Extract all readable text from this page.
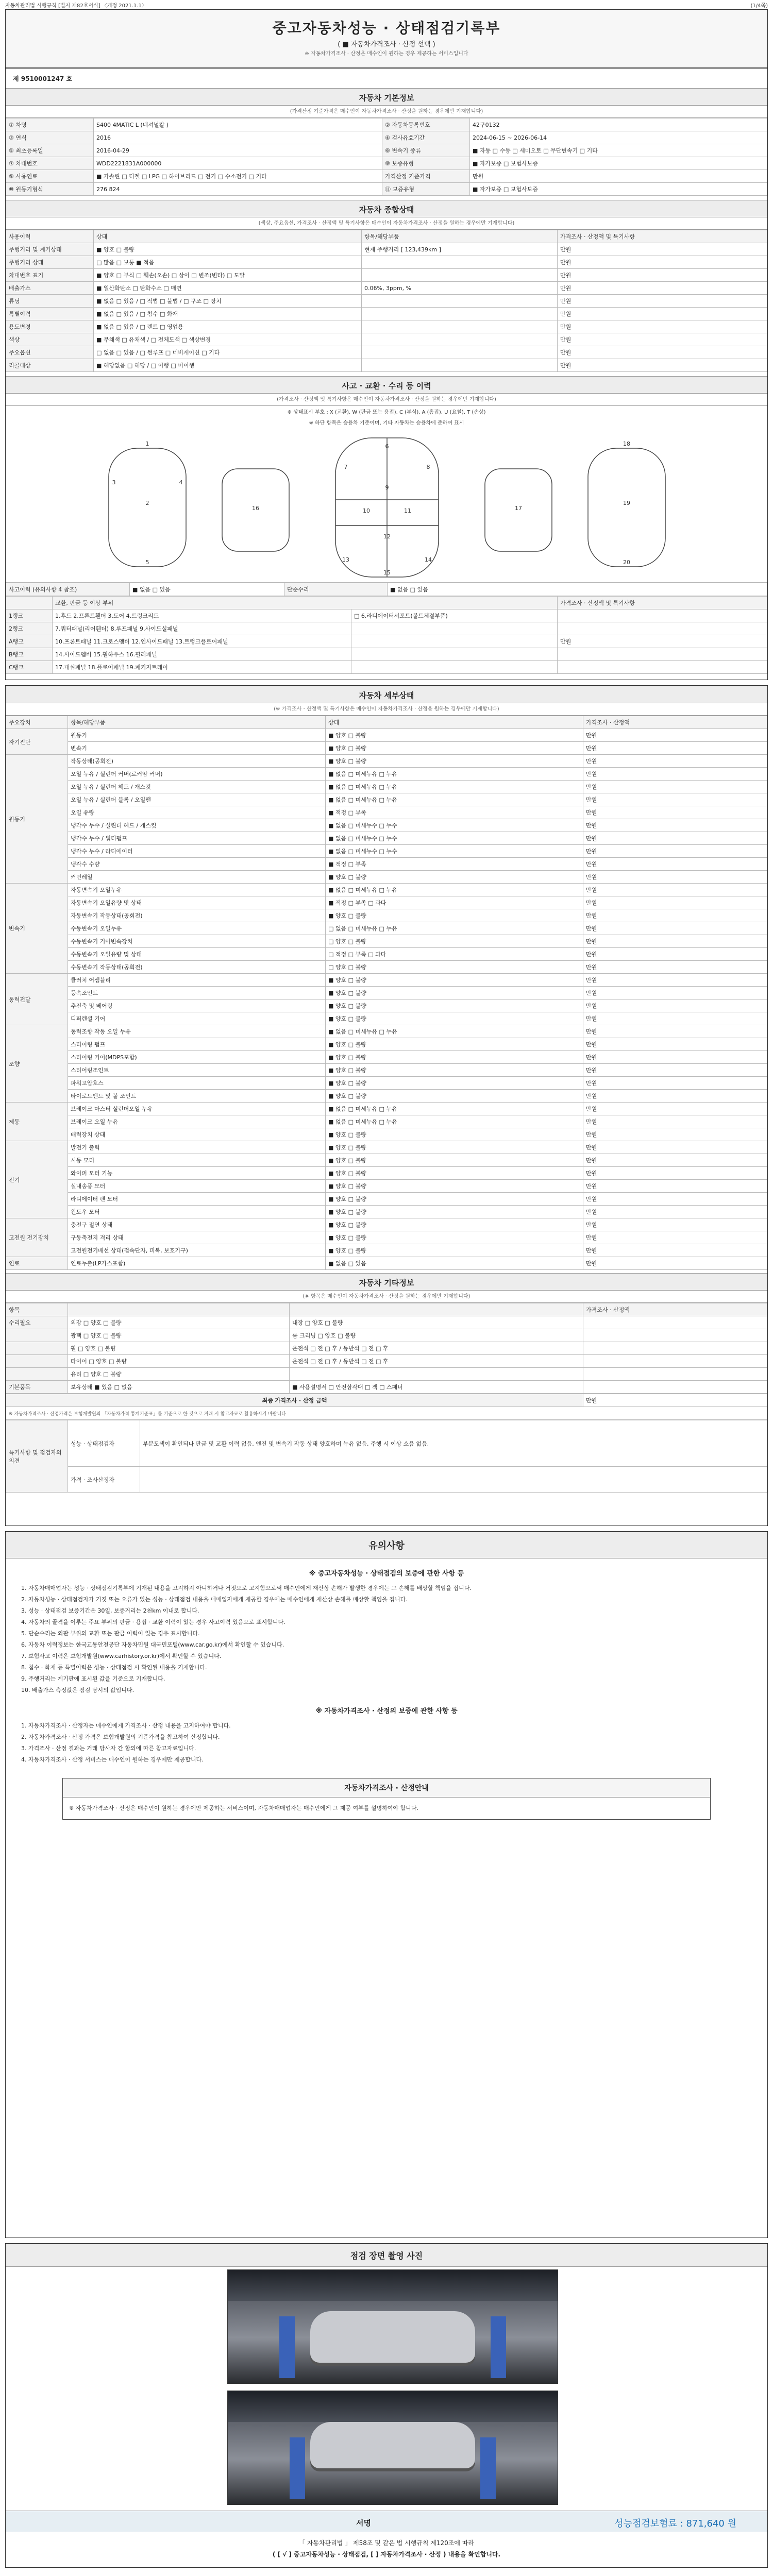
자동차관리법 시행규칙 [별지 제82호서식] 〈개정 2021.1.1〉	(1/4쪽)
중고자동차성능 · 상태점검기록부
( ■ 자동차가격조사 · 산정 선택 )
※ 자동차가격조사 · 산정은 매수인이 원하는 경우 제공하는 서비스입니다
제 9510001247 호
자동차 기본정보
(가격산정 기준가격은 매수인이 자동차가격조사 · 산정을 원하는 경우에만 기재합니다)
① 차명	S400 4MATIC L (네셔널칼 )	② 자동차등록번호	42구0132
③ 연식	2016	④ 검사유효기간	2024-06-15 ~ 2026-06-14
⑤ 최초등록일	2016-04-29	⑥ 변속기 종류	■ 자동 □ 수동 □ 세미오토 □ 무단변속기 □ 기타
⑦ 차대번호	WDD2221831A000000	⑧ 보증유형	■ 자가보증 □ 보험사보증
⑨ 사용연료	■ 가솔린 □ 디젤 □ LPG □ 하이브리드 □ 전기 □ 수소전기 □ 기타	가격산정 기준가격	만원
⑩ 원동기형식	276 824	⑪ 보증유형	■ 자가보증 □ 보험사보증
자동차 종합상태
(색상, 주요옵션, 가격조사 · 산정액 및 특기사항은 매수인이 자동차가격조사 · 산정을 원하는 경우에만 기재합니다)
사용이력	상태	항목/해당부품	가격조사 · 산정액 및 특기사항
주행거리 및 계기상태	■ 양호 □ 불량	현재 주행거리 [ 123,439km ]	만원
주행거리 상태	□ 많음 □ 보통 ■ 적음		만원
차대번호 표기	■ 양호 □ 부식 □ 훼손(오손) □ 상이 □ 변조(변타) □ 도말		만원
배출가스	■ 일산화탄소 □ 탄화수소 □ 매연	0.06%, 3ppm, %	만원
튜닝	■ 없음 □ 있음 / □ 적법 □ 불법 / □ 구조 □ 장치		만원
특별이력	■ 없음 □ 있음 / □ 침수 □ 화재		만원
용도변경	■ 없음 □ 있음 / □ 렌트 □ 영업용		만원
색상	■ 무채색 □ 유채색 / □ 전체도색 □ 색상변경		만원
주요옵션	□ 없음 □ 있음 / □ 썬루프 □ 네비게이션 □ 기타		만원
리콜대상	■ 해당없음 □ 해당 / □ 이행 □ 미이행		만원
사고 · 교환 · 수리 등 이력
(가격조사 · 산정액 및 특기사항은 매수인이 자동차가격조사 · 산정을 원하는 경우에만 기재합니다)
※ 상태표시 부호 : X (교환), W (판금 또는 용접), C (부식), A (흠집), U (요철), T (손상)
※ 하단 항목은 승용차 기준이며, 기타 자동차는 승용차에 준하여 표시
1
2
3	4
5
6
7	8
9
10	11
12
13	14
15
16	17
18
19
20
사고이력 (유의사항 4 참조)	■ 없음 □ 있음	단순수리	■ 없음 □ 있음
	교환, 판금 등 이상 부위		가격조사 · 산정액 및 특기사항
1랭크	1.후드 2.프론트휀더 3.도어 4.트렁크리드	□ 6.라디에이터서포트(볼트체결부품)	
2랭크	7.쿼터패널(리어휀더) 8.루프패널 9.사이드실패널		
A랭크	10.프론트패널 11.크로스멤버 12.인사이드패널 13.트렁크플로어패널		만원
B랭크	14.사이드멤버 15.휠하우스 16.필러패널		
C랭크	17.대쉬패널 18.플로어패널 19.패키지트레이		
자동차 세부상태
(※ 가격조사 · 산정액 및 특기사항은 매수인이 자동차가격조사 · 산정을 원하는 경우에만 기재합니다)
주요장치	항목/해당부품	상태	가격조사 · 산정액
자기진단	원동기	■ 양호 □ 불량	만원
	변속기	■ 양호 □ 불량	만원
원동기	작동상태(공회전)	■ 양호 □ 불량	만원
	오일 누유 / 실린더 커버(로커암 커버)	■ 없음 □ 미세누유 □ 누유	만원
	오일 누유 / 실린더 헤드 / 개스킷	■ 없음 □ 미세누유 □ 누유	만원
	오일 누유 / 실린더 블록 / 오일팬	■ 없음 □ 미세누유 □ 누유	만원
	오일 유량	■ 적정 □ 부족	만원
	냉각수 누수 / 실린더 헤드 / 개스킷	■ 없음 □ 미세누수 □ 누수	만원
	냉각수 누수 / 워터펌프	■ 없음 □ 미세누수 □ 누수	만원
	냉각수 누수 / 라디에이터	■ 없음 □ 미세누수 □ 누수	만원
	냉각수 수량	■ 적정 □ 부족	만원
	커먼레일	■ 양호 □ 불량	만원
변속기	자동변속기 오일누유	■ 없음 □ 미세누유 □ 누유	만원
	자동변속기 오일유량 및 상태	■ 적정 □ 부족 □ 과다	만원
	자동변속기 작동상태(공회전)	■ 양호 □ 불량	만원
	수동변속기 오일누유	□ 없음 □ 미세누유 □ 누유	만원
	수동변속기 기어변속장치	□ 양호 □ 불량	만원
	수동변속기 오일유량 및 상태	□ 적정 □ 부족 □ 과다	만원
	수동변속기 작동상태(공회전)	□ 양호 □ 불량	만원
동력전달	클러치 어셈블리	■ 양호 □ 불량	만원
	등속조인트	■ 양호 □ 불량	만원
	추진축 및 베어링	■ 양호 □ 불량	만원
	디퍼렌셜 기어	■ 양호 □ 불량	만원
조향	동력조향 작동 오일 누유	■ 없음 □ 미세누유 □ 누유	만원
	스티어링 펌프	■ 양호 □ 불량	만원
	스티어링 기어(MDPS포함)	■ 양호 □ 불량	만원
	스티어링조인트	■ 양호 □ 불량	만원
	파워고압호스	■ 양호 □ 불량	만원
	타이로드엔드 및 볼 조인트	■ 양호 □ 불량	만원
제동	브레이크 마스터 실린더오일 누유	■ 없음 □ 미세누유 □ 누유	만원
	브레이크 오일 누유	■ 없음 □ 미세누유 □ 누유	만원
	배력장치 상태	■ 양호 □ 불량	만원
전기	발전기 출력	■ 양호 □ 불량	만원
	시동 모터	■ 양호 □ 불량	만원
	와이퍼 모터 기능	■ 양호 □ 불량	만원
	실내송풍 모터	■ 양호 □ 불량	만원
	라디에이터 팬 모터	■ 양호 □ 불량	만원
	윈도우 모터	■ 양호 □ 불량	만원
고전원 전기장치	충전구 절연 상태	■ 양호 □ 불량	만원
	구동축전지 격리 상태	■ 양호 □ 불량	만원
	고전원전기배선 상태(접속단자, 피복, 보호기구)	■ 양호 □ 불량	만원
연료	연료누출(LP가스포함)	■ 없음 □ 있음	만원
자동차 기타정보
(※ 항목은 매수인이 자동차가격조사 · 산정을 원하는 경우에만 기재합니다)
항목			가격조사 · 산정액
수리필요	외장 □ 양호 □ 불량	내장 □ 양호 □ 불량	
	광택 □ 양호 □ 불량	룸 크리닝 □ 양호 □ 불량	
	휠 □ 양호 □ 불량	운전석 □ 전 □ 후 / 동반석 □ 전 □ 후	
	타이어 □ 양호 □ 불량	운전석 □ 전 □ 후 / 동반석 □ 전 □ 후	
	유리 □ 양호 □ 불량		
기본품목	보유상태 ■ 있음 □ 없음	■ 사용설명서 □ 안전삼각대 □ 잭 □ 스패너	
최종 가격조사 · 산정 금액	만원
※ 자동차가격조사 · 산정가격은 보험개발원의 「자동차가격 통계기준표」를 기준으로 한 것으로 거래 시 참고자료로 활용하시기 바랍니다
특기사항 및 점검자의 의견	성능 · 상태점검자	부분도색이 확인되나 판금 및 교환 이력 없음. 엔진 및 변속기 작동 상태 양호하며 누유 없음. 주행 시 이상 소음 없음.
	가격 · 조사산정자	
유의사항
※ 중고자동차성능 · 상태점검의 보증에 관한 사항 등
1. 자동차매매업자는 성능 · 상태점검기록부에 기재된 내용을 고지하지 아니하거나 거짓으로 고지함으로써 매수인에게 재산상 손해가 발생한 경우에는 그 손해를 배상할 책임을 집니다.
2. 자동차성능 · 상태점검자가 거짓 또는 오류가 있는 성능 · 상태점검 내용을 매매업자에게 제공한 경우에는 매수인에게 재산상 손해를 배상할 책임을 집니다.
3. 성능 · 상태점검 보증기간은 30일, 보증거리는 2천km 이내로 합니다.
4. 자동차의 골격을 이루는 주요 부위의 판금 · 용접 · 교환 이력이 있는 경우 사고이력 있음으로 표시합니다.
5. 단순수리는 외판 부위의 교환 또는 판금 이력이 있는 경우 표시합니다.
6. 자동차 이력정보는 한국교통안전공단 자동차민원 대국민포털(www.car.go.kr)에서 확인할 수 있습니다.
7. 보험사고 이력은 보험개발원(www.carhistory.or.kr)에서 확인할 수 있습니다.
8. 침수 · 화재 등 특별이력은 성능 · 상태점검 시 확인된 내용을 기재합니다.
9. 주행거리는 계기판에 표시된 값을 기준으로 기재합니다.
10. 배출가스 측정값은 점검 당시의 값입니다.
※ 자동차가격조사 · 산정의 보증에 관한 사항 등
1. 자동차가격조사 · 산정자는 매수인에게 가격조사 · 산정 내용을 고지하여야 합니다.
2. 자동차가격조사 · 산정 가격은 보험개발원의 기준가격을 참고하여 산정합니다.
3. 가격조사 · 산정 결과는 거래 당사자 간 합의에 따른 참고자료입니다.
4. 자동차가격조사 · 산정 서비스는 매수인이 원하는 경우에만 제공합니다.
자동차가격조사 · 산정안내
※ 자동차가격조사 · 산정은 매수인이 원하는 경우에만 제공하는 서비스이며, 자동차매매업자는 매수인에게 그 제공 여부를 설명하여야 합니다.
점검 장면 촬영 사진
서명	성능점검보험료 : 871,640 원
「 자동차관리법 」 제58조 및 같은 법 시행규칙 제120조에 따라
( [ √ ] 중고자동차성능 · 상태점검, [ ] 자동차가격조사 · 산정 ) 내용을 확인합니다.
